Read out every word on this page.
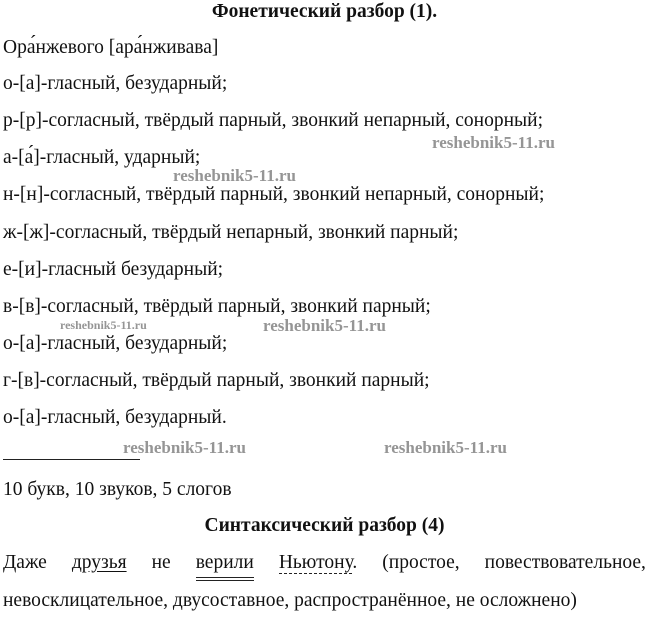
Фонетический разбор (1).
Ора́нжевого [ара́нживава]
о-[а]-гласный, безударный;
р-[р]-согласный, твёрдый парный, звонкий непарный, сонорный;
а-[а́]-гласный, ударный;
н-[н]-согласный, твёрдый парный, звонкий непарный, сонорный;
ж-[ж]-согласный, твёрдый непарный, звонкий парный;
е-[и]-гласный безударный;
в-[в]-согласный, твёрдый парный, звонкий парный;
о-[а]-гласный, безударный;
г-[в]-согласный, твёрдый парный, звонкий парный;
о-[а]-гласный, безударный.
10 букв, 10 звуков, 5 слогов
Синтаксический разбор (4)
Даже друзья не верили Ньютону. (простое, повествовательное,
невосклицательное, двусоставное, распространённое, не осложнено)
reshebnik5-11.ru
reshebnik5-11.ru
reshebnik5-11.ru	reshebnik5-11.ru
reshebnik5-11.ru	reshebnik5-11.ru
